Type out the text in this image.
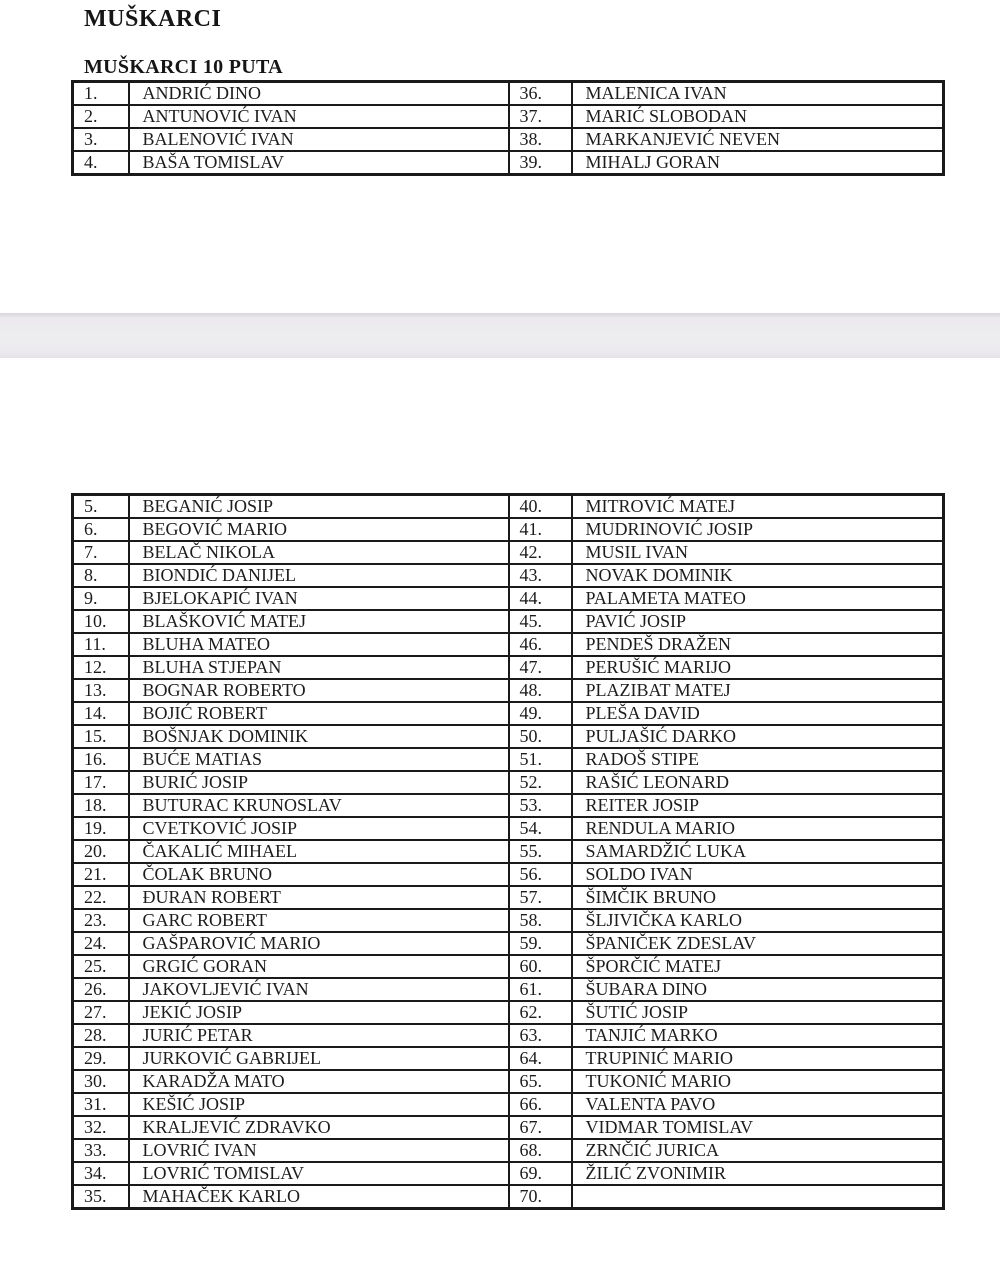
MUŠKARCI
MUŠKARCI 10 PUTA
1.	ANDRIĆ DINO	36.	MALENICA IVAN
2.	ANTUNOVIĆ IVAN	37.	MARIĆ SLOBODAN
3.	BALENOVIĆ IVAN	38.	MARKANJEVIĆ NEVEN
4.	BAŠA TOMISLAV	39.	MIHALJ GORAN
5.	BEGANIĆ JOSIP	40.	MITROVIĆ MATEJ
6.	BEGOVIĆ MARIO	41.	MUDRINOVIĆ JOSIP
7.	BELAČ NIKOLA	42.	MUSIL IVAN
8.	BIONDIĆ DANIJEL	43.	NOVAK DOMINIK
9.	BJELOKAPIĆ IVAN	44.	PALAMETA MATEO
10.	BLAŠKOVIĆ MATEJ	45.	PAVIĆ JOSIP
11.	BLUHA MATEO	46.	PENDEŠ DRAŽEN
12.	BLUHA STJEPAN	47.	PERUŠIĆ MARIJO
13.	BOGNAR ROBERTO	48.	PLAZIBAT MATEJ
14.	BOJIĆ ROBERT	49.	PLEŠA DAVID
15.	BOŠNJAK DOMINIK	50.	PULJAŠIĆ DARKO
16.	BUĆE MATIAS	51.	RADOŠ STIPE
17.	BURIĆ JOSIP	52.	RAŠIĆ LEONARD
18.	BUTURAC KRUNOSLAV	53.	REITER JOSIP
19.	CVETKOVIĆ JOSIP	54.	RENDULA MARIO
20.	ČAKALIĆ MIHAEL	55.	SAMARDŽIĆ LUKA
21.	ČOLAK BRUNO	56.	SOLDO IVAN
22.	ĐURAN ROBERT	57.	ŠIMČIK BRUNO
23.	GARC ROBERT	58.	ŠLJIVIČKA KARLO
24.	GAŠPAROVIĆ MARIO	59.	ŠPANIČEK ZDESLAV
25.	GRGIĆ GORAN	60.	ŠPORČIĆ MATEJ
26.	JAKOVLJEVIĆ IVAN	61.	ŠUBARA DINO
27.	JEKIĆ JOSIP	62.	ŠUTIĆ JOSIP
28.	JURIĆ PETAR	63.	TANJIĆ MARKO
29.	JURKOVIĆ GABRIJEL	64.	TRUPINIĆ MARIO
30.	KARADŽA MATO	65.	TUKONIĆ MARIO
31.	KEŠIĆ JOSIP	66.	VALENTA PAVO
32.	KRALJEVIĆ ZDRAVKO	67.	VIDMAR TOMISLAV
33.	LOVRIĆ IVAN	68.	ZRNČIĆ JURICA
34.	LOVRIĆ TOMISLAV	69.	ŽILIĆ ZVONIMIR
35.	MAHAČEK KARLO	70.	
